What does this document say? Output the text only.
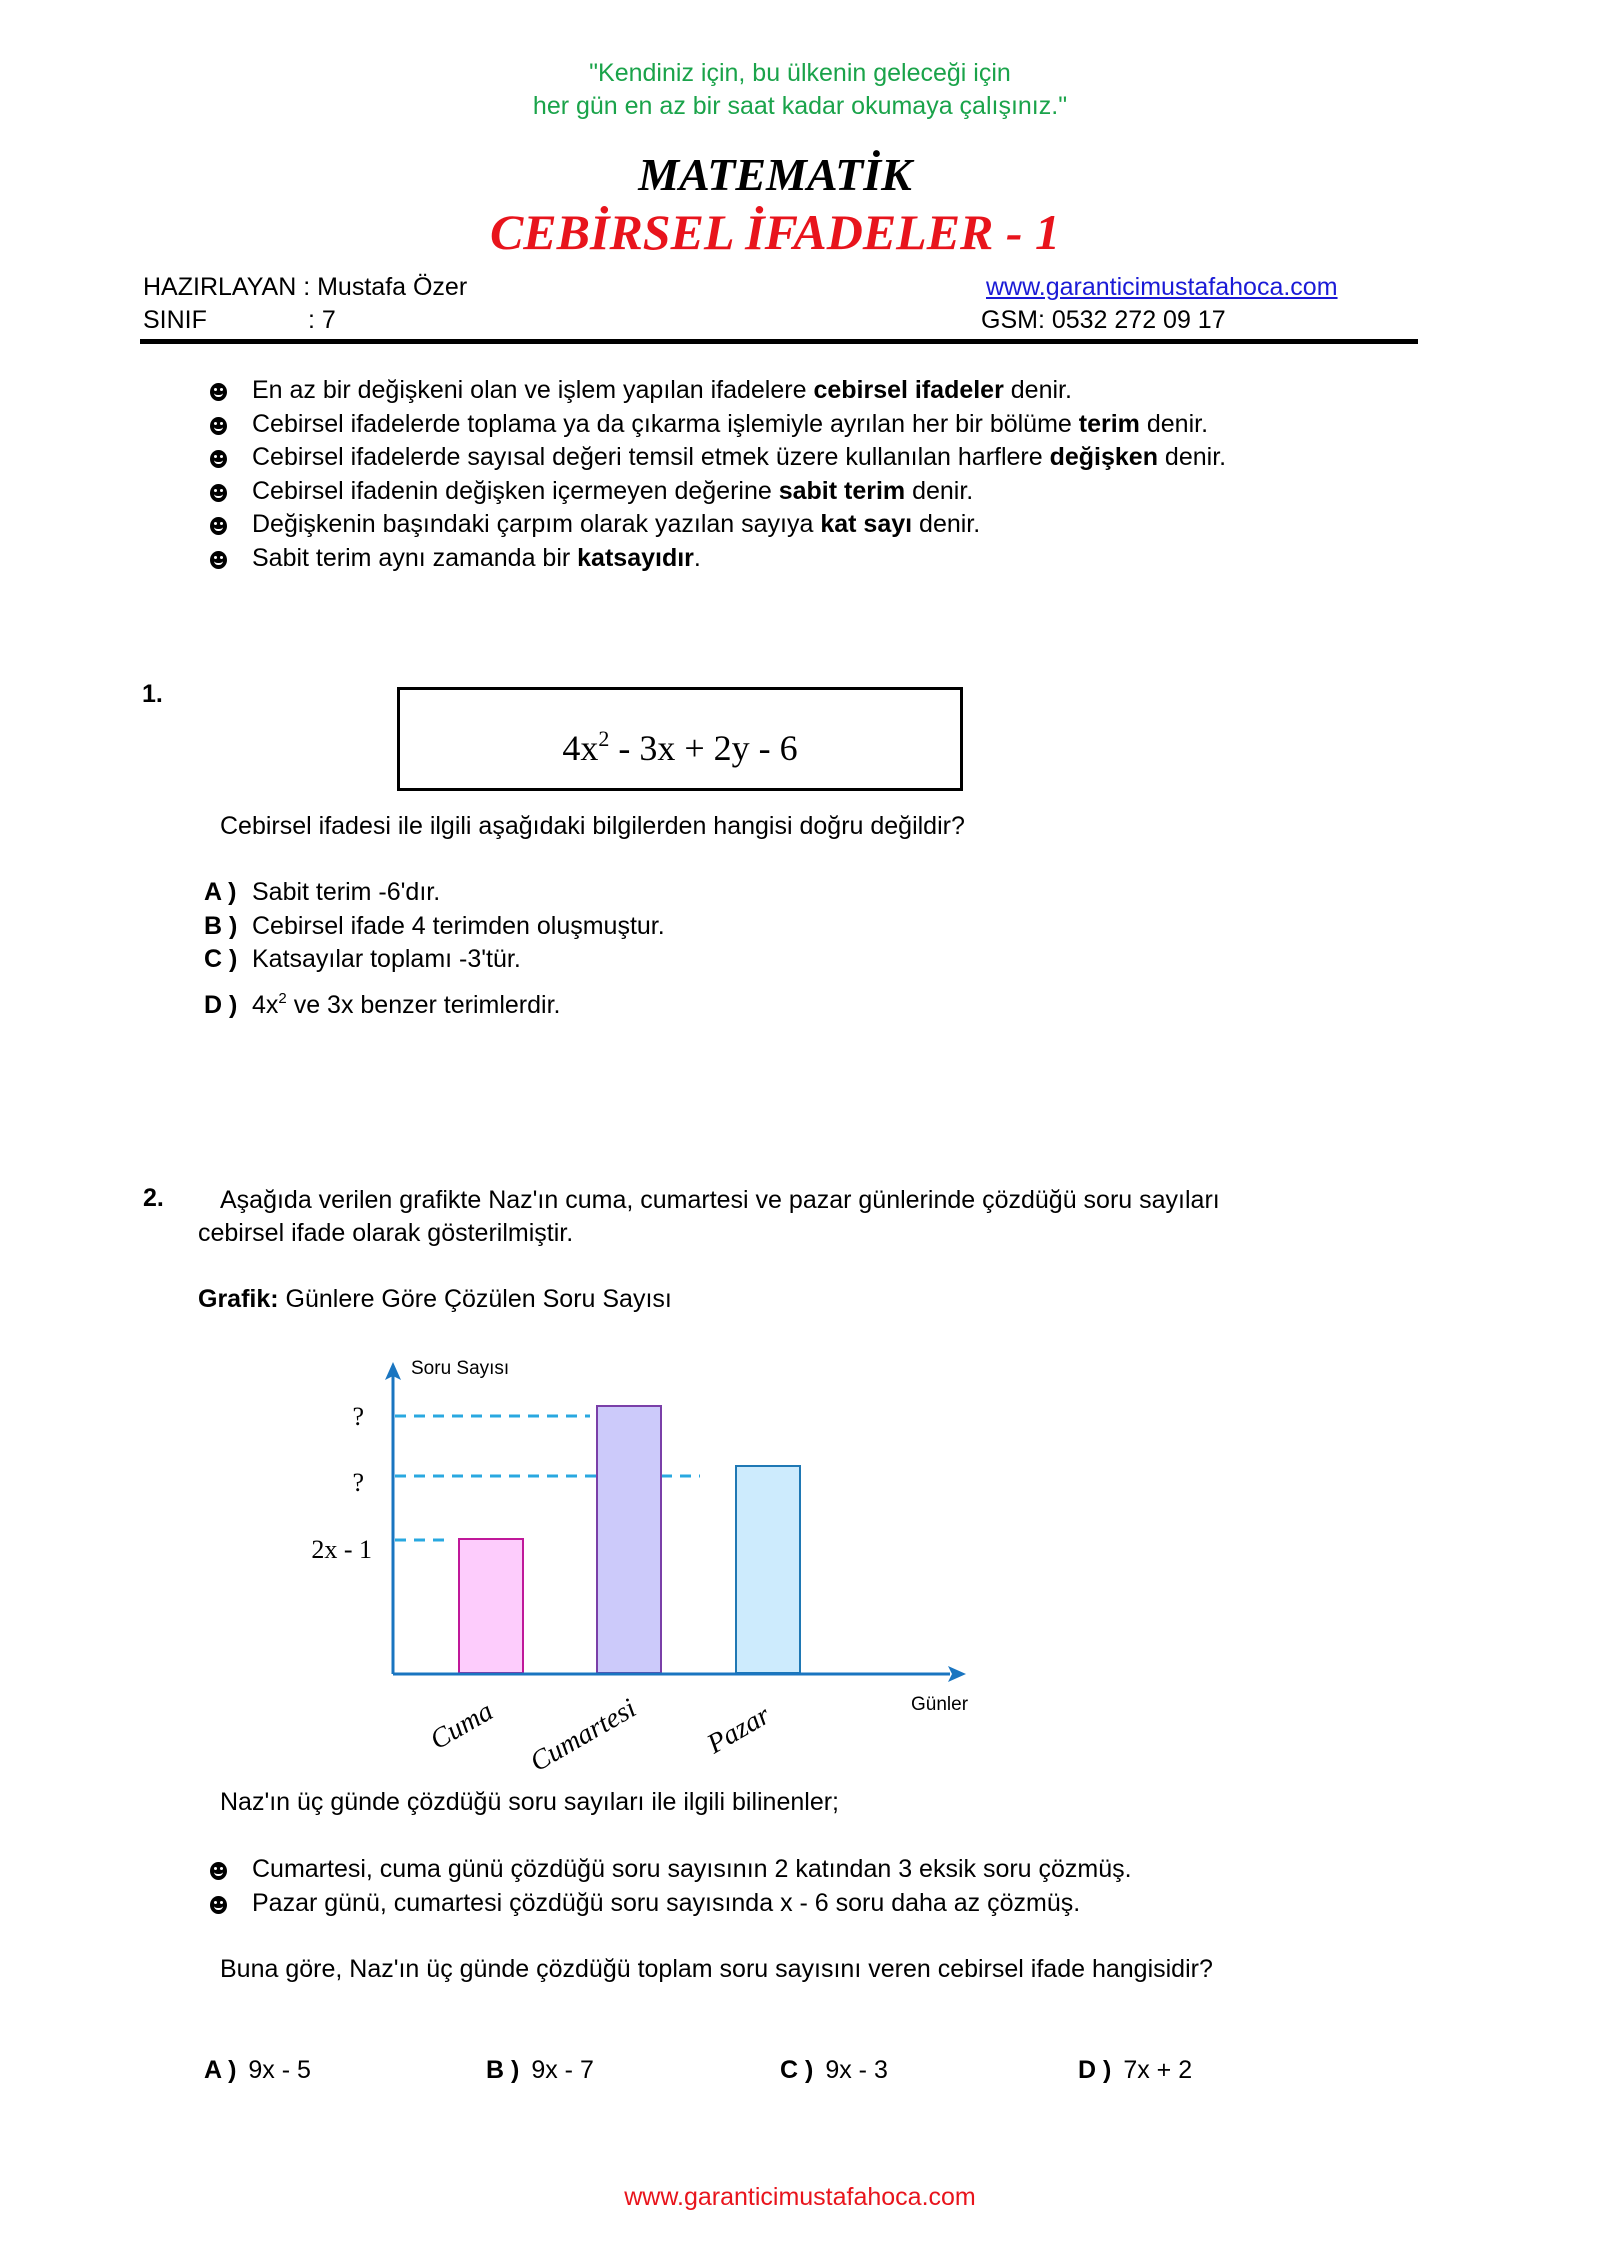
"Kendiniz için, bu ülkenin geleceği için
her gün en az bir saat kadar okumaya çalışınız."
MATEMATİK
CEBİRSEL İFADELER - 1
HAZIRLAYAN : Mustafa Özer
SINIF	: 7
www.garanticimustafahoca.com
GSM: 0532 272 09 17
En az bir değişkeni olan ve işlem yapılan ifadelere cebirsel ifadeler denir.
Cebirsel ifadelerde toplama ya da çıkarma işlemiyle ayrılan her bir bölüme terim denir.
Cebirsel ifadelerde sayısal değeri temsil etmek üzere kullanılan harflere değişken denir.
Cebirsel ifadenin değişken içermeyen değerine sabit terim denir.
Değişkenin başındaki çarpım olarak yazılan sayıya kat sayı denir.
Sabit terim aynı zamanda bir katsayıdır.
1.
$4x^2 - 3x + 2y - 6$
Cebirsel ifadesi ile ilgili aşağıdaki bilgilerden hangisi doğru değildir?
A ) Sabit terim -6'dır.
B ) Cebirsel ifade 4 terimden oluşmuştur.
C ) Katsayılar toplamı -3'tür.
D ) $4x^2$ ve 3x benzer terimlerdir.
2. Aşağıda verilen grafikte Naz'ın cuma, cumartesi ve pazar günlerinde çözdüğü soru sayıları
cebirsel ifade olarak gösterilmiştir.
Grafik: Günlere Göre Çözülen Soru Sayısı
Soru Sayısı
Günler
?
?
2x - 1
Cuma Cumartesi Pazar
Naz'ın üç günde çözdüğü soru sayıları ile ilgili bilinenler;
Cumartesi, cuma günü çözdüğü soru sayısının 2 katından 3 eksik soru çözmüş.
Pazar günü, cumartesi çözdüğü soru sayısında x - 6 soru daha az çözmüş.
Buna göre, Naz'ın üç günde çözdüğü toplam soru sayısını veren cebirsel ifade hangisidir?
A ) 9x - 5	B ) 9x - 7	C ) 9x - 3	D ) 7x + 2
www.garanticimustafahoca.com
